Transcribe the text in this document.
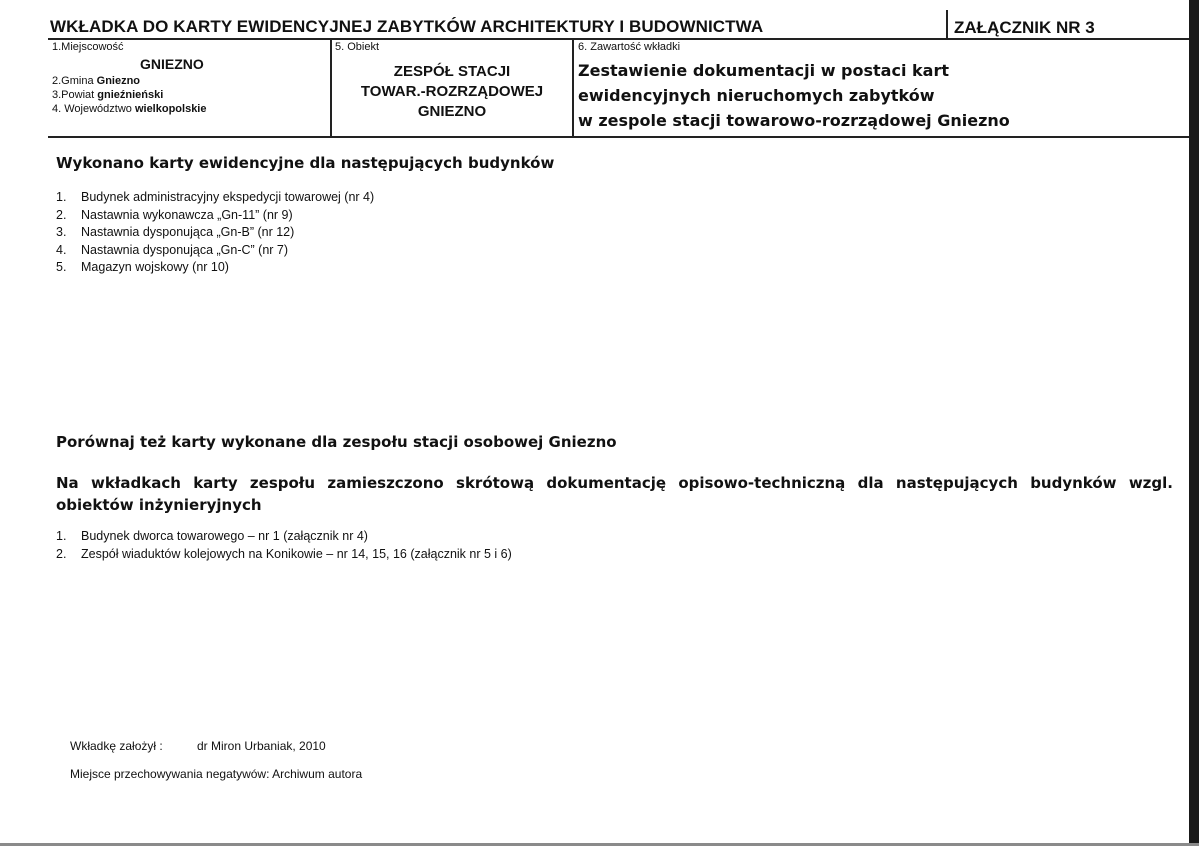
WKŁADKA DO KARTY EWIDENCYJNEJ ZABYTKÓW ARCHITEKTURY I BUDOWNICTWA	ZAŁĄCZNIK NR 3
1.Miejscowość
GNIEZNO
2.Gmina Gniezno
3.Powiat gnieźnieński
4. Województwo wielkopolskie
5. Obiekt
ZESPÓŁ STACJI
TOWAR.-ROZRZĄDOWEJ
GNIEZNO
6. Zawartość wkładki
Zestawienie dokumentacji w postaci kart
ewidencyjnych nieruchomych zabytków
w zespole stacji towarowo-rozrządowej Gniezno
Wykonano karty ewidencyjne dla następujących budynków
1. Budynek administracyjny ekspedycji towarowej (nr 4)
2. Nastawnia wykonawcza „Gn-11” (nr 9)
3. Nastawnia dysponująca „Gn-B” (nr 12)
4. Nastawnia dysponująca „Gn-C” (nr 7)
5. Magazyn wojskowy (nr 10)
Porównaj też karty wykonane dla zespołu stacji osobowej Gniezno
Na wkładkach karty zespołu zamieszczono skrótową dokumentację opisowo-techniczną dla następujących budynków wzgl. obiektów inżynieryjnych
1. Budynek dworca towarowego – nr 1 (załącznik nr 4)
2. Zespół wiaduktów kolejowych na Konikowie – nr 14, 15, 16 (załącznik nr 5 i 6)
Wkładkę założył :	dr Miron Urbaniak, 2010
Miejsce przechowywania negatywów: Archiwum autora
